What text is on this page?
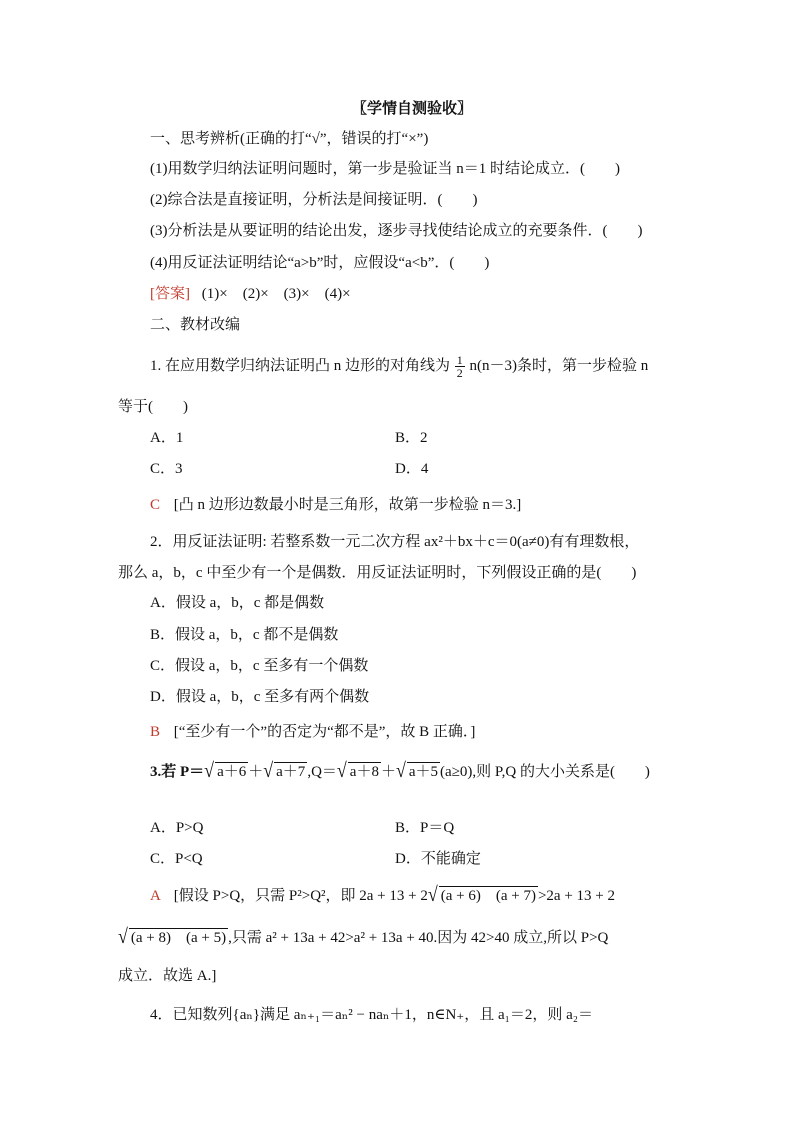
〖学情自测验收〗
一、思考辨析(正确的打“√”，错误的打“×”)
(1)用数学归纳法证明问题时，第一步是验证当 n＝1 时结论成立．(　　)
(2)综合法是直接证明，分析法是间接证明．(　　)
(3)分析法是从要证明的结论出发，逐步寻找使结论成立的充要条件．(　　)
(4)用反证法证明结论“a>b”时，应假设“a<b”．(　　)
[答案] (1)×　(2)×　(3)×　(4)×
二、教材改编
1. 在应用数学归纳法证明凸 n 边形的对角线为 $\frac{1}{2} n(n-3)$条时，第一步检验 n
等于(　　)
A．1	B．2
C．3	D．4
C [凸 n 边形边数最小时是三角形，故第一步检验 n＝3.]
2．用反证法证明: 若整系数一元二次方程 ax²＋bx＋c＝0(a≠0)有有理数根，
那么 a，b，c 中至少有一个是偶数．用反证法证明时，下列假设正确的是(　　)
A．假设 a，b，c 都是偶数
B．假设 a，b，c 都不是偶数
C．假设 a，b，c 至多有一个偶数
D．假设 a，b，c 至多有两个偶数
B [“至少有一个”的否定为“都不是”，故 B 正确．]
3.若 P＝√ a＋6 ＋√ a＋7 ,Q＝√ a＋8 ＋√ a＋5 (a≥0),则 P,Q 的大小关系是(　　)
A．P>Q	B．P＝Q
C．P<Q	D．不能确定
A [假设 P>Q，只需 P²>Q²，即 2a + 13 + 2√ (a + 6)　(a + 7) >2a + 13 + 2
√ (a + 8)　(a + 5) ,只需 a² + 13a + 42>a² + 13a + 40.因为 42>40 成立,所以 P>Q
成立．故选 A.]
4．已知数列{aₙ}满足 aₙ₊₁＝aₙ² − naₙ＋1，n∈N₊，且 a₁＝2，则 a₂＝
